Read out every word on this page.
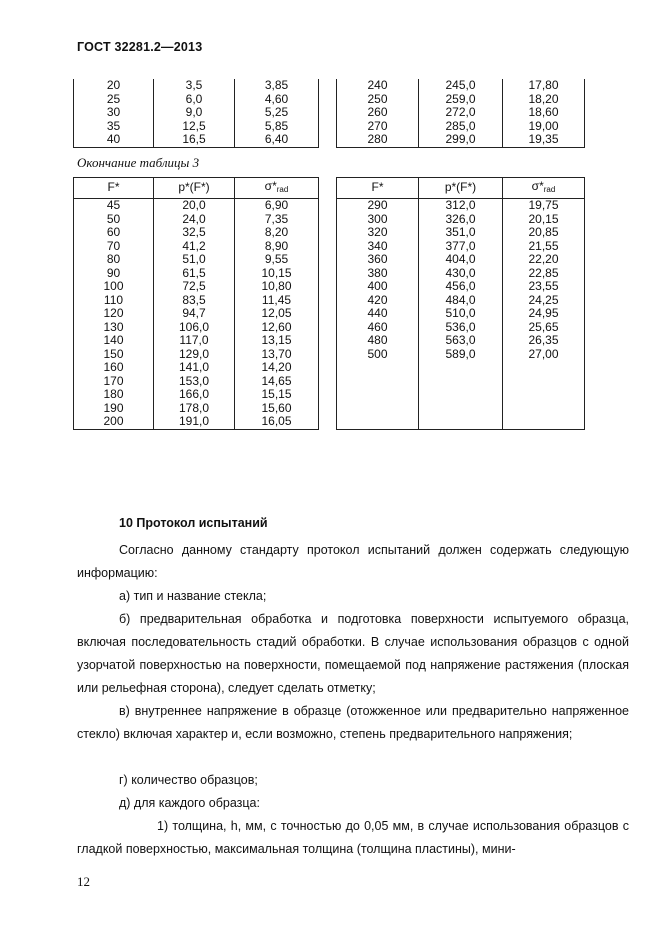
ГОСТ 32281.2—2013
20	3,5	3,85
25	6,0	4,60
30	9,0	5,25
35	12,5	5,85
40	16,5	6,40
240	245,0	17,80
250	259,0	18,20
260	272,0	18,60
270	285,0	19,00
280	299,0	19,35
Окончание таблицы 3
F*	p*(F*)	σ*rad
45	20,0	6,90
50	24,0	7,35
60	32,5	8,20
70	41,2	8,90
80	51,0	9,55
90	61,5	10,15
100	72,5	10,80
110	83,5	11,45
120	94,7	12,05
130	106,0	12,60
140	117,0	13,15
150	129,0	13,70
160	141,0	14,20
170	153,0	14,65
180	166,0	15,15
190	178,0	15,60
200	191,0	16,05
F*	p*(F*)	σ*rad
290	312,0	19,75
300	326,0	20,15
320	351,0	20,85
340	377,0	21,55
360	404,0	22,20
380	430,0	22,85
400	456,0	23,55
420	484,0	24,25
440	510,0	24,95
460	536,0	25,65
480	563,0	26,35
500	589,0	27,00

10 Протокол испытаний
Согласно данному стандарту протокол испытаний должен содержать следующую информацию:
а) тип и название стекла;
б) предварительная обработка и подготовка поверхности испытуемого образца, включая последовательность стадий обработки. В случае использования образцов с одной узорчатой поверхностью на поверхности, помещаемой под напряжение растяжения (плоская или рельефная сторона), следует сделать отметку;
в) внутреннее напряжение в образце (отожженное или предварительно напряженное стекло) включая характер и, если возможно, степень предварительного напряжения;
г) количество образцов;
д) для каждого образца:
1) толщина, h, мм, с точностью до 0,05 мм, в случае использования образцов с гладкой поверхностью, максимальная толщина (толщина пластины), мини-
12
